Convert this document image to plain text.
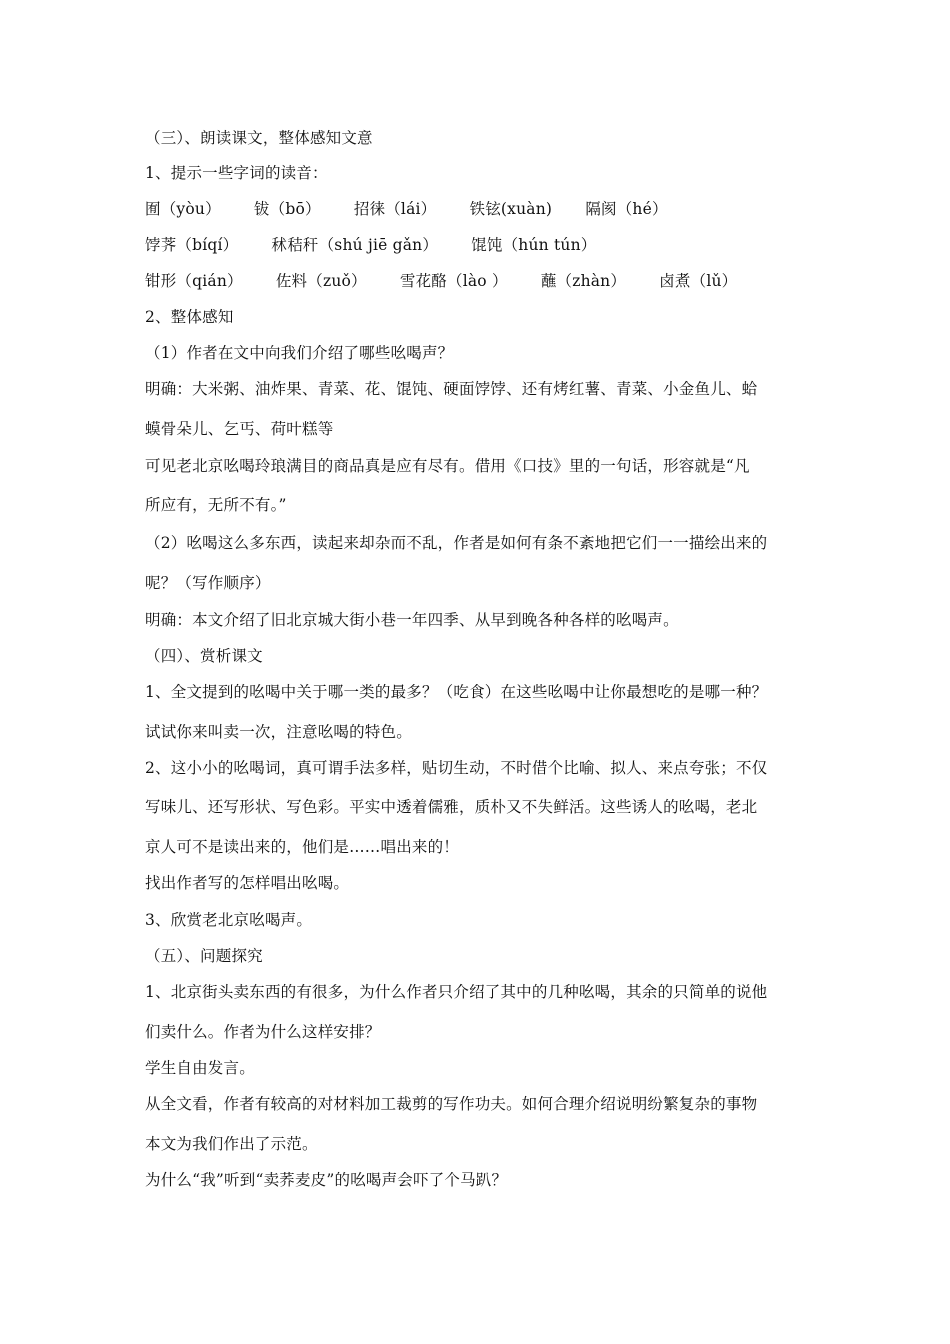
（三）、朗读课文，整体感知文意
1、提示一些字词的读音：
囿（yòu） 钹（bō） 招徕（lái） 铁铉(xuàn) 隔阂（hé）
饽荠（bíqí） 秫秸秆（shú jiē gǎn） 馄饨（hún tún）
钳形（qián） 佐料（zuǒ） 雪花酪（lào ） 蘸（zhàn） 卤煮（lǔ）
2、整体感知
（1）作者在文中向我们介绍了哪些吆喝声？
明确：大米粥、油炸果、青菜、花、馄饨、硬面饽饽、还有烤红薯、青菜、小金鱼儿、蛤
蟆骨朵儿、乞丐、荷叶糕等
可见老北京吆喝玲琅满目的商品真是应有尽有。借用《口技》里的一句话，形容就是“凡
所应有，无所不有。”
（2）吆喝这么多东西，读起来却杂而不乱，作者是如何有条不紊地把它们一一描绘出来的
呢？（写作顺序）
明确：本文介绍了旧北京城大街小巷一年四季、从早到晚各种各样的吆喝声。
（四）、赏析课文
1、全文提到的吆喝中关于哪一类的最多？（吃食）在这些吆喝中让你最想吃的是哪一种？
试试你来叫卖一次，注意吆喝的特色。
2、这小小的吆喝词，真可谓手法多样，贴切生动，不时借个比喻、拟人、来点夸张；不仅
写味儿、还写形状、写色彩。平实中透着儒雅，质朴又不失鲜活。这些诱人的吆喝，老北
京人可不是读出来的，他们是……唱出来的！
找出作者写的怎样唱出吆喝。
3、欣赏老北京吆喝声。
（五）、问题探究
1、北京街头卖东西的有很多，为什么作者只介绍了其中的几种吆喝，其余的只简单的说他
们卖什么。作者为什么这样安排？
学生自由发言。
从全文看，作者有较高的对材料加工裁剪的写作功夫。如何合理介绍说明纷繁复杂的事物
本文为我们作出了示范。
为什么“我”听到“卖荞麦皮”的吆喝声会吓了个马趴？
